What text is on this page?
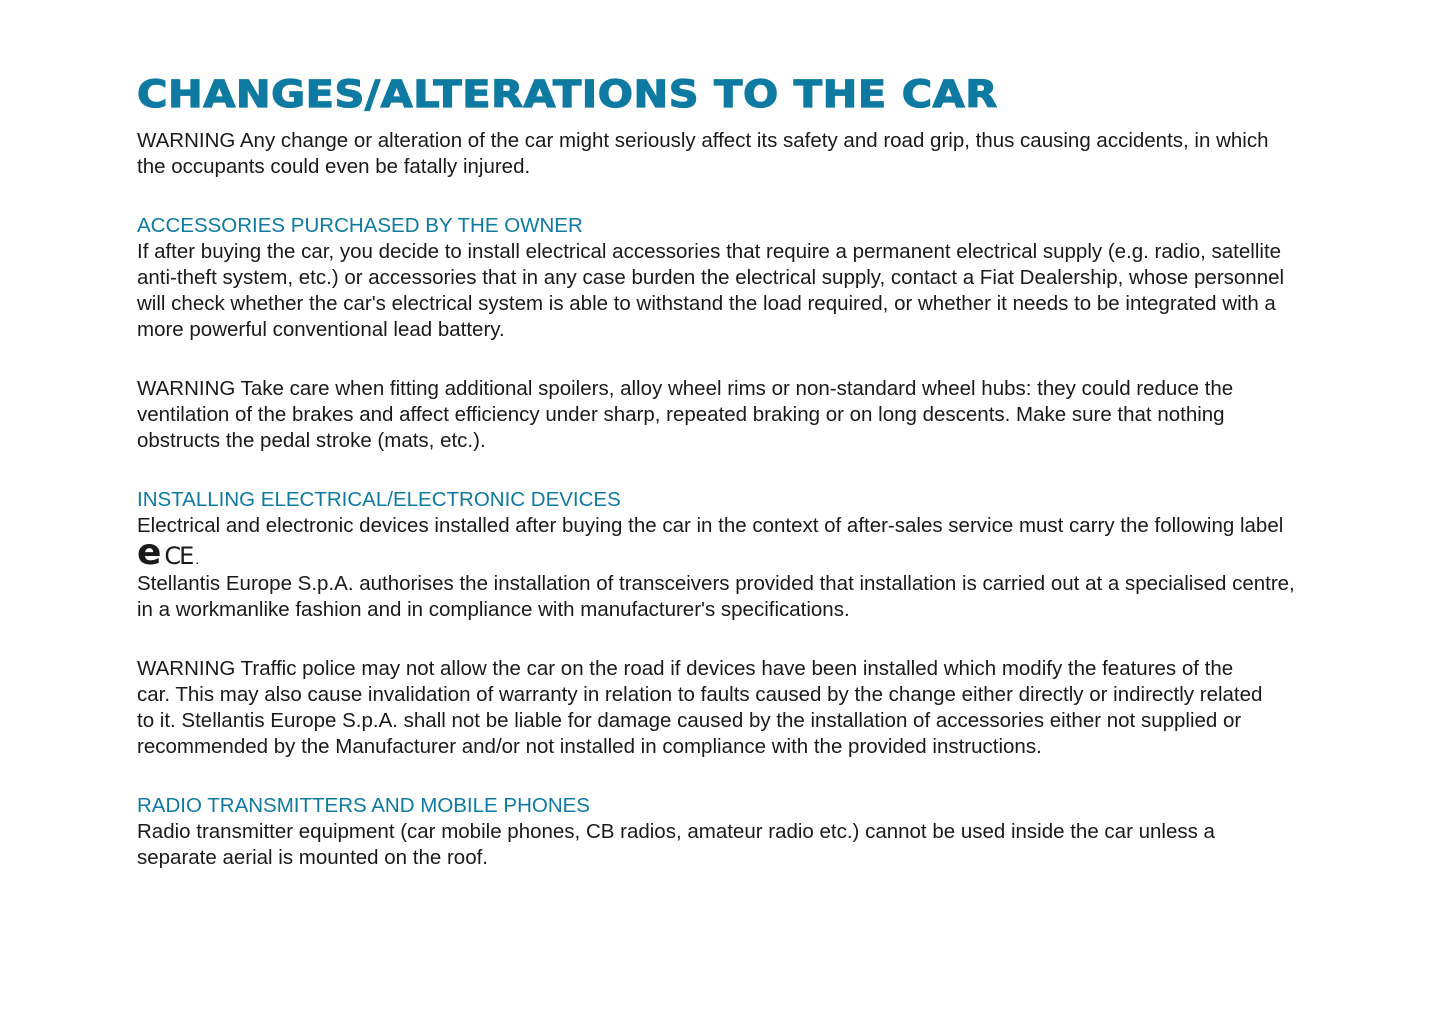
CHANGES/ALTERATIONS TO THE CAR

WARNING Any change or alteration of the car might seriously affect its safety and road grip, thus causing accidents, in which
the occupants could even be fatally injured.

ACCESSORIES PURCHASED BY THE OWNER

If after buying the car, you decide to install electrical accessories that require a permanent electrical supply (e.g. radio, satellite
anti-theft system, etc.) or accessories that in any case burden the electrical supply, contact a Fiat Dealership, whose personnel
will check whether the car's electrical system is able to withstand the load required, or whether it needs to be integrated with a
more powerful conventional lead battery.

WARNING Take care when fitting additional spoilers, alloy wheel rims or non-standard wheel hubs: they could reduce the
ventilation of the brakes and affect efficiency under sharp, repeated braking or on long descents. Make sure that nothing
obstructs the pedal stroke (mats, etc.).

INSTALLING ELECTRICAL/ELECTRONIC DEVICES

Electrical and electronic devices installed after buying the car in the context of after-sales service must carry the following label
e CE .
Stellantis Europe S.p.A. authorises the installation of transceivers provided that installation is carried out at a specialised centre,
in a workmanlike fashion and in compliance with manufacturer's specifications.

WARNING Traffic police may not allow the car on the road if devices have been installed which modify the features of the
car. This may also cause invalidation of warranty in relation to faults caused by the change either directly or indirectly related
to it. Stellantis Europe S.p.A. shall not be liable for damage caused by the installation of accessories either not supplied or
recommended by the Manufacturer and/or not installed in compliance with the provided instructions.

RADIO TRANSMITTERS AND MOBILE PHONES

Radio transmitter equipment (car mobile phones, CB radios, amateur radio etc.) cannot be used inside the car unless a
separate aerial is mounted on the roof.
